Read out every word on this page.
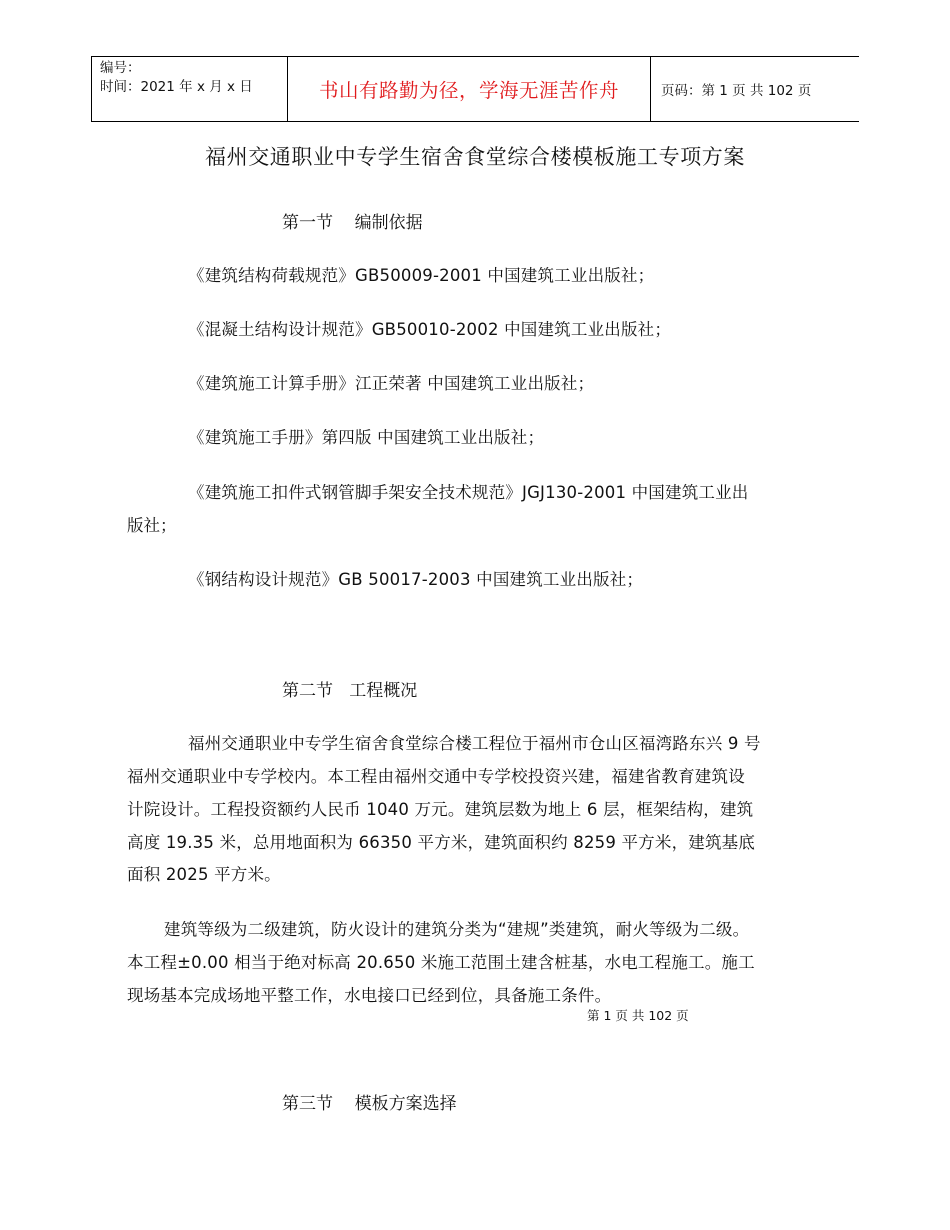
编号：
时间：2021 年 x 月 x 日	书山有路勤为径，学海无涯苦作舟	页码：第 1 页 共 102 页
福州交通职业中专学生宿舍食堂综合楼模板施工专项方案
第一节    编制依据

《建筑结构荷载规范》GB50009-2001 中国建筑工业出版社；

《混凝土结构设计规范》GB50010-2002 中国建筑工业出版社；

《建筑施工计算手册》江正荣著 中国建筑工业出版社；

《建筑施工手册》第四版 中国建筑工业出版社；

《建筑施工扣件式钢管脚手架安全技术规范》JGJ130-2001 中国建筑工业出

版社；

《钢结构设计规范》GB 50017-2003 中国建筑工业出版社；

第二节   工程概况

福州交通职业中专学生宿舍食堂综合楼工程位于福州市仓山区福湾路东兴 9 号

福州交通职业中专学校内。本工程由福州交通中专学校投资兴建，福建省教育建筑设

计院设计。工程投资额约人民币 1040 万元。建筑层数为地上 6 层，框架结构，建筑

高度 19.35 米，总用地面积为 66350 平方米，建筑面积约 8259 平方米，建筑基底

面积 2025 平方米。

建筑等级为二级建筑，防火设计的建筑分类为“建规”类建筑，耐火等级为二级。

本工程±0.00 相当于绝对标高 20.650 米施工范围土建含桩基，水电工程施工。施工

现场基本完成场地平整工作，水电接口已经到位，具备施工条件。

第 1 页 共 102 页

第三节    模板方案选择
